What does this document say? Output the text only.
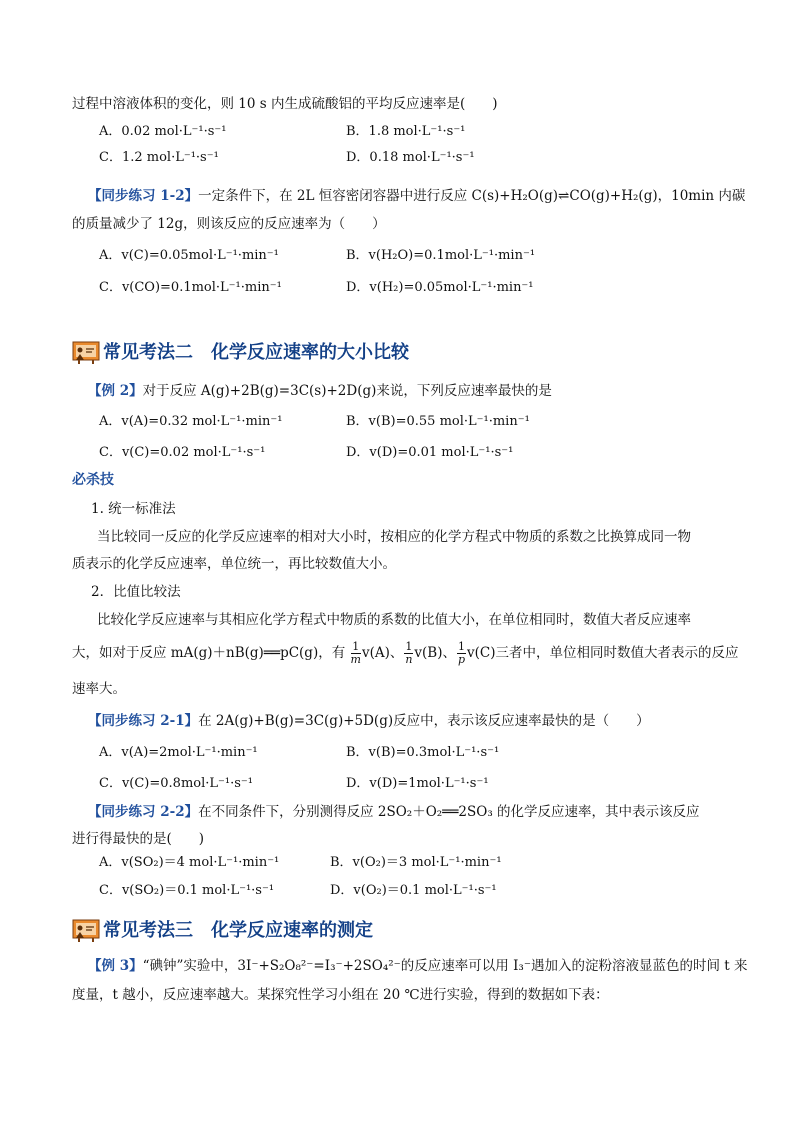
过程中溶液体积的变化，则 10 s 内生成硫酸铝的平均反应速率是(　　)
A．0.02 mol·L⁻¹·s⁻¹	B．1.8 mol·L⁻¹·s⁻¹
C．1.2 mol·L⁻¹·s⁻¹	D．0.18 mol·L⁻¹·s⁻¹
【同步练习 1-2】一定条件下，在 2L 恒容密闭容器中进行反应 C(s)+H₂O(g)⇌CO(g)+H₂(g)，10min 内碳
的质量减少了 12g，则该反应的反应速率为（　　）
A．v(C)=0.05mol·L⁻¹·min⁻¹	B．v(H₂O)=0.1mol·L⁻¹·min⁻¹
C．v(CO)=0.1mol·L⁻¹·min⁻¹	D．v(H₂)=0.05mol·L⁻¹·min⁻¹
常见考法二　化学反应速率的大小比较
【例 2】对于反应 A(g)+2B(g)=3C(s)+2D(g)来说，下列反应速率最快的是
A．v(A)=0.32 mol·L⁻¹·min⁻¹	B．v(B)=0.55 mol·L⁻¹·min⁻¹
C．v(C)=0.02 mol·L⁻¹·s⁻¹	D．v(D)=0.01 mol·L⁻¹·s⁻¹
必杀技
1. 统一标准法
当比较同一反应的化学反应速率的相对大小时，按相应的化学方程式中物质的系数之比换算成同一物
质表示的化学反应速率，单位统一，再比较数值大小。
2．比值比较法
比较化学反应速率与其相应化学方程式中物质的系数的比值大小，在单位相同时，数值大者反应速率
大，如对于反应 mA(g)＋nB(g)══pC(g)，有 $\frac{1}{m} v(A)$、 $\frac{1}{n} v(B)$、 $\frac{1}{p} v(C)$三者中，单位相同时数值大者表示的反应
速率大。
【同步练习 2-1】在 2A(g)+B(g)=3C(g)+5D(g)反应中，表示该反应速率最快的是（　　）
A．v(A)=2mol·L⁻¹·min⁻¹	B．v(B)=0.3mol·L⁻¹·s⁻¹
C．v(C)=0.8mol·L⁻¹·s⁻¹	D．v(D)=1mol·L⁻¹·s⁻¹
【同步练习 2-2】在不同条件下，分别测得反应 2SO₂＋O₂══2SO₃ 的化学反应速率，其中表示该反应
进行得最快的是(　　)
A．v(SO₂)＝4 mol·L⁻¹·min⁻¹	B．v(O₂)＝3 mol·L⁻¹·min⁻¹
C．v(SO₂)＝0.1 mol·L⁻¹·s⁻¹	D．v(O₂)＝0.1 mol·L⁻¹·s⁻¹
常见考法三　化学反应速率的测定
【例 3】“碘钟”实验中，3I⁻+S₂O₈²⁻=I₃⁻+2SO₄²⁻的反应速率可以用 I₃⁻遇加入的淀粉溶液显蓝色的时间 t 来
度量，t 越小，反应速率越大。某探究性学习小组在 20 ℃进行实验，得到的数据如下表：
